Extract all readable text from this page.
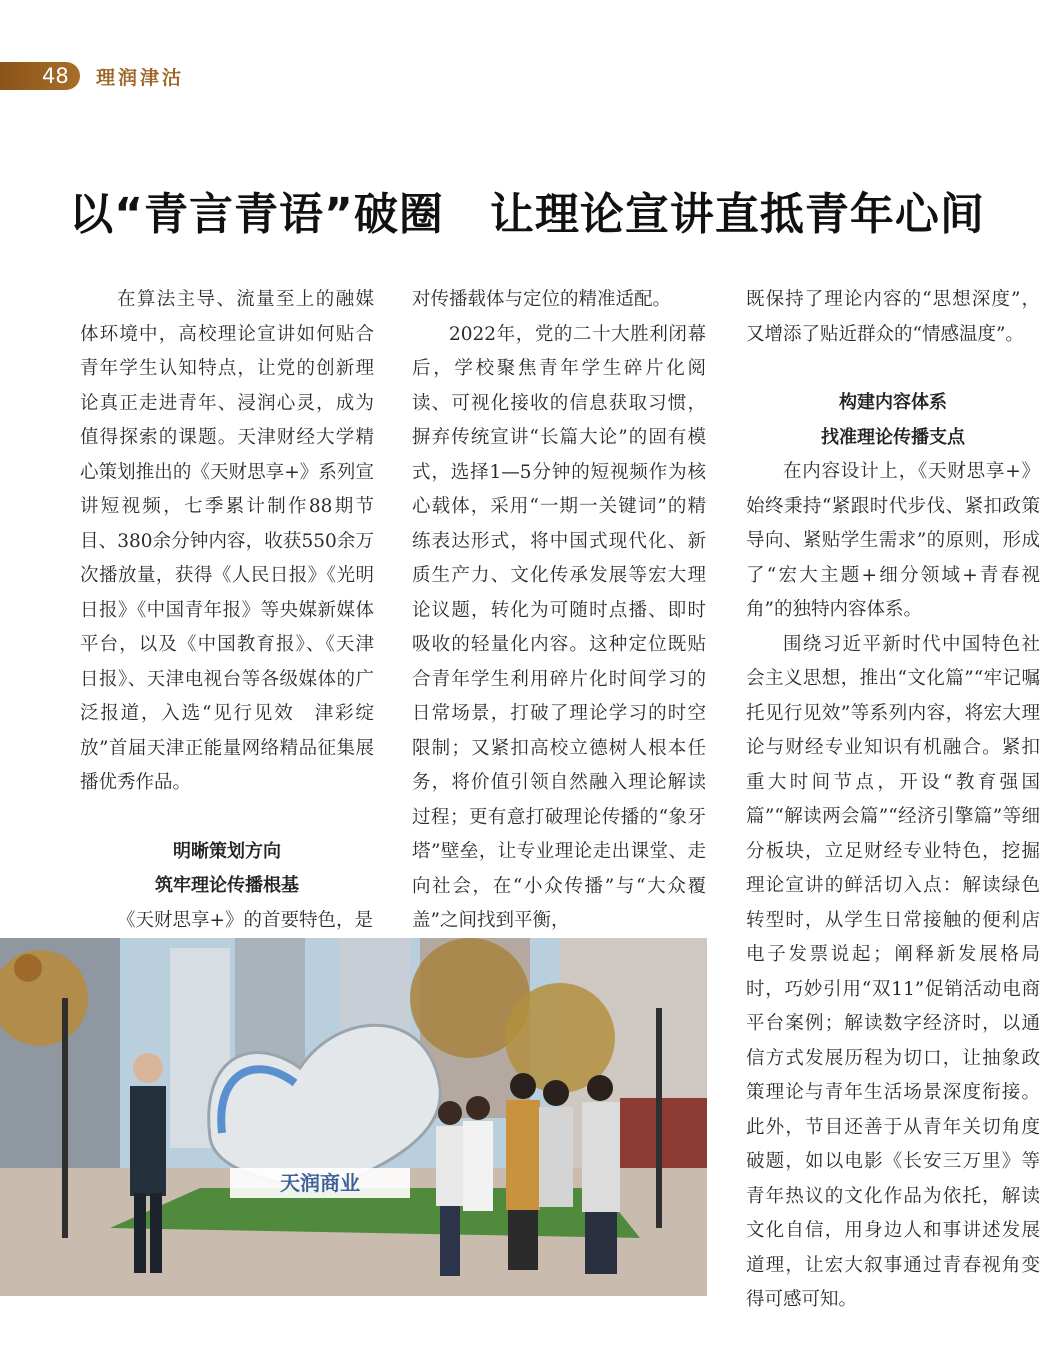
48 理润津沽
以“青言青语”破圈 让理论宣讲直抵青年心间

在算法主导、流量至上的融媒体环境中，高校理论宣讲如何贴合青年学生认知特点，让党的创新理论真正走进青年、浸润心灵，成为值得探索的课题。天津财经大学精心策划推出的《天财思享+》系列宣讲短视频，七季累计制作88期节目、380余分钟内容，收获550余万次播放量，获得《人民日报》《光明日报》《中国青年报》等央媒新媒体平台，以及《中国教育报》、《天津日报》、天津电视台等各级媒体的广泛报道，入选“见行见效　津彩绽放”首届天津正能量网络精品征集展播优秀作品。

明晰策划方向
筑牢理论传播根基

《天财思享+》的首要特色，是

对传播载体与定位的精准适配。

2022年，党的二十大胜利闭幕后，学校聚焦青年学生碎片化阅读、可视化接收的信息获取习惯，摒弃传统宣讲“长篇大论”的固有模式，选择1—5分钟的短视频作为核心载体，采用“一期一关键词”的精练表达形式，将中国式现代化、新质生产力、文化传承发展等宏大理论议题，转化为可随时点播、即时吸收的轻量化内容。这种定位既贴合青年学生利用碎片化时间学习的日常场景，打破了理论学习的时空限制；又紧扣高校立德树人根本任务，将价值引领自然融入理论解读过程；更有意打破理论传播的“象牙塔”壁垒，让专业理论走出课堂、走向社会，在“小众传播”与“大众覆盖”之间找到平衡，

既保持了理论内容的“思想深度”，又增添了贴近群众的“情感温度”。

构建内容体系
找准理论传播支点

在内容设计上，《天财思享+》始终秉持“紧跟时代步伐、紧扣政策导向、紧贴学生需求”的原则，形成了“宏大主题+细分领域+青春视角”的独特内容体系。

围绕习近平新时代中国特色社会主义思想，推出“文化篇”“牢记嘱托见行见效”等系列内容，将宏大理论与财经专业知识有机融合。紧扣重大时间节点，开设“教育强国篇”“解读两会篇”“经济引擎篇”等细分板块，立足财经专业特色，挖掘理论宣讲的鲜活切入点：解读绿色转型时，从学生日常接触的便利店电子发票说起；阐释新发展格局时，巧妙引用“双11”促销活动电商平台案例；解读数字经济时，以通信方式发展历程为切口，让抽象政策理论与青年生活场景深度衔接。此外，节目还善于从青年关切角度破题，如以电影《长安三万里》等青年热议的文化作品为依托，解读文化自信，用身边人和事讲述发展道理，让宏大叙事通过青春视角变得可感可知。

天润商业
